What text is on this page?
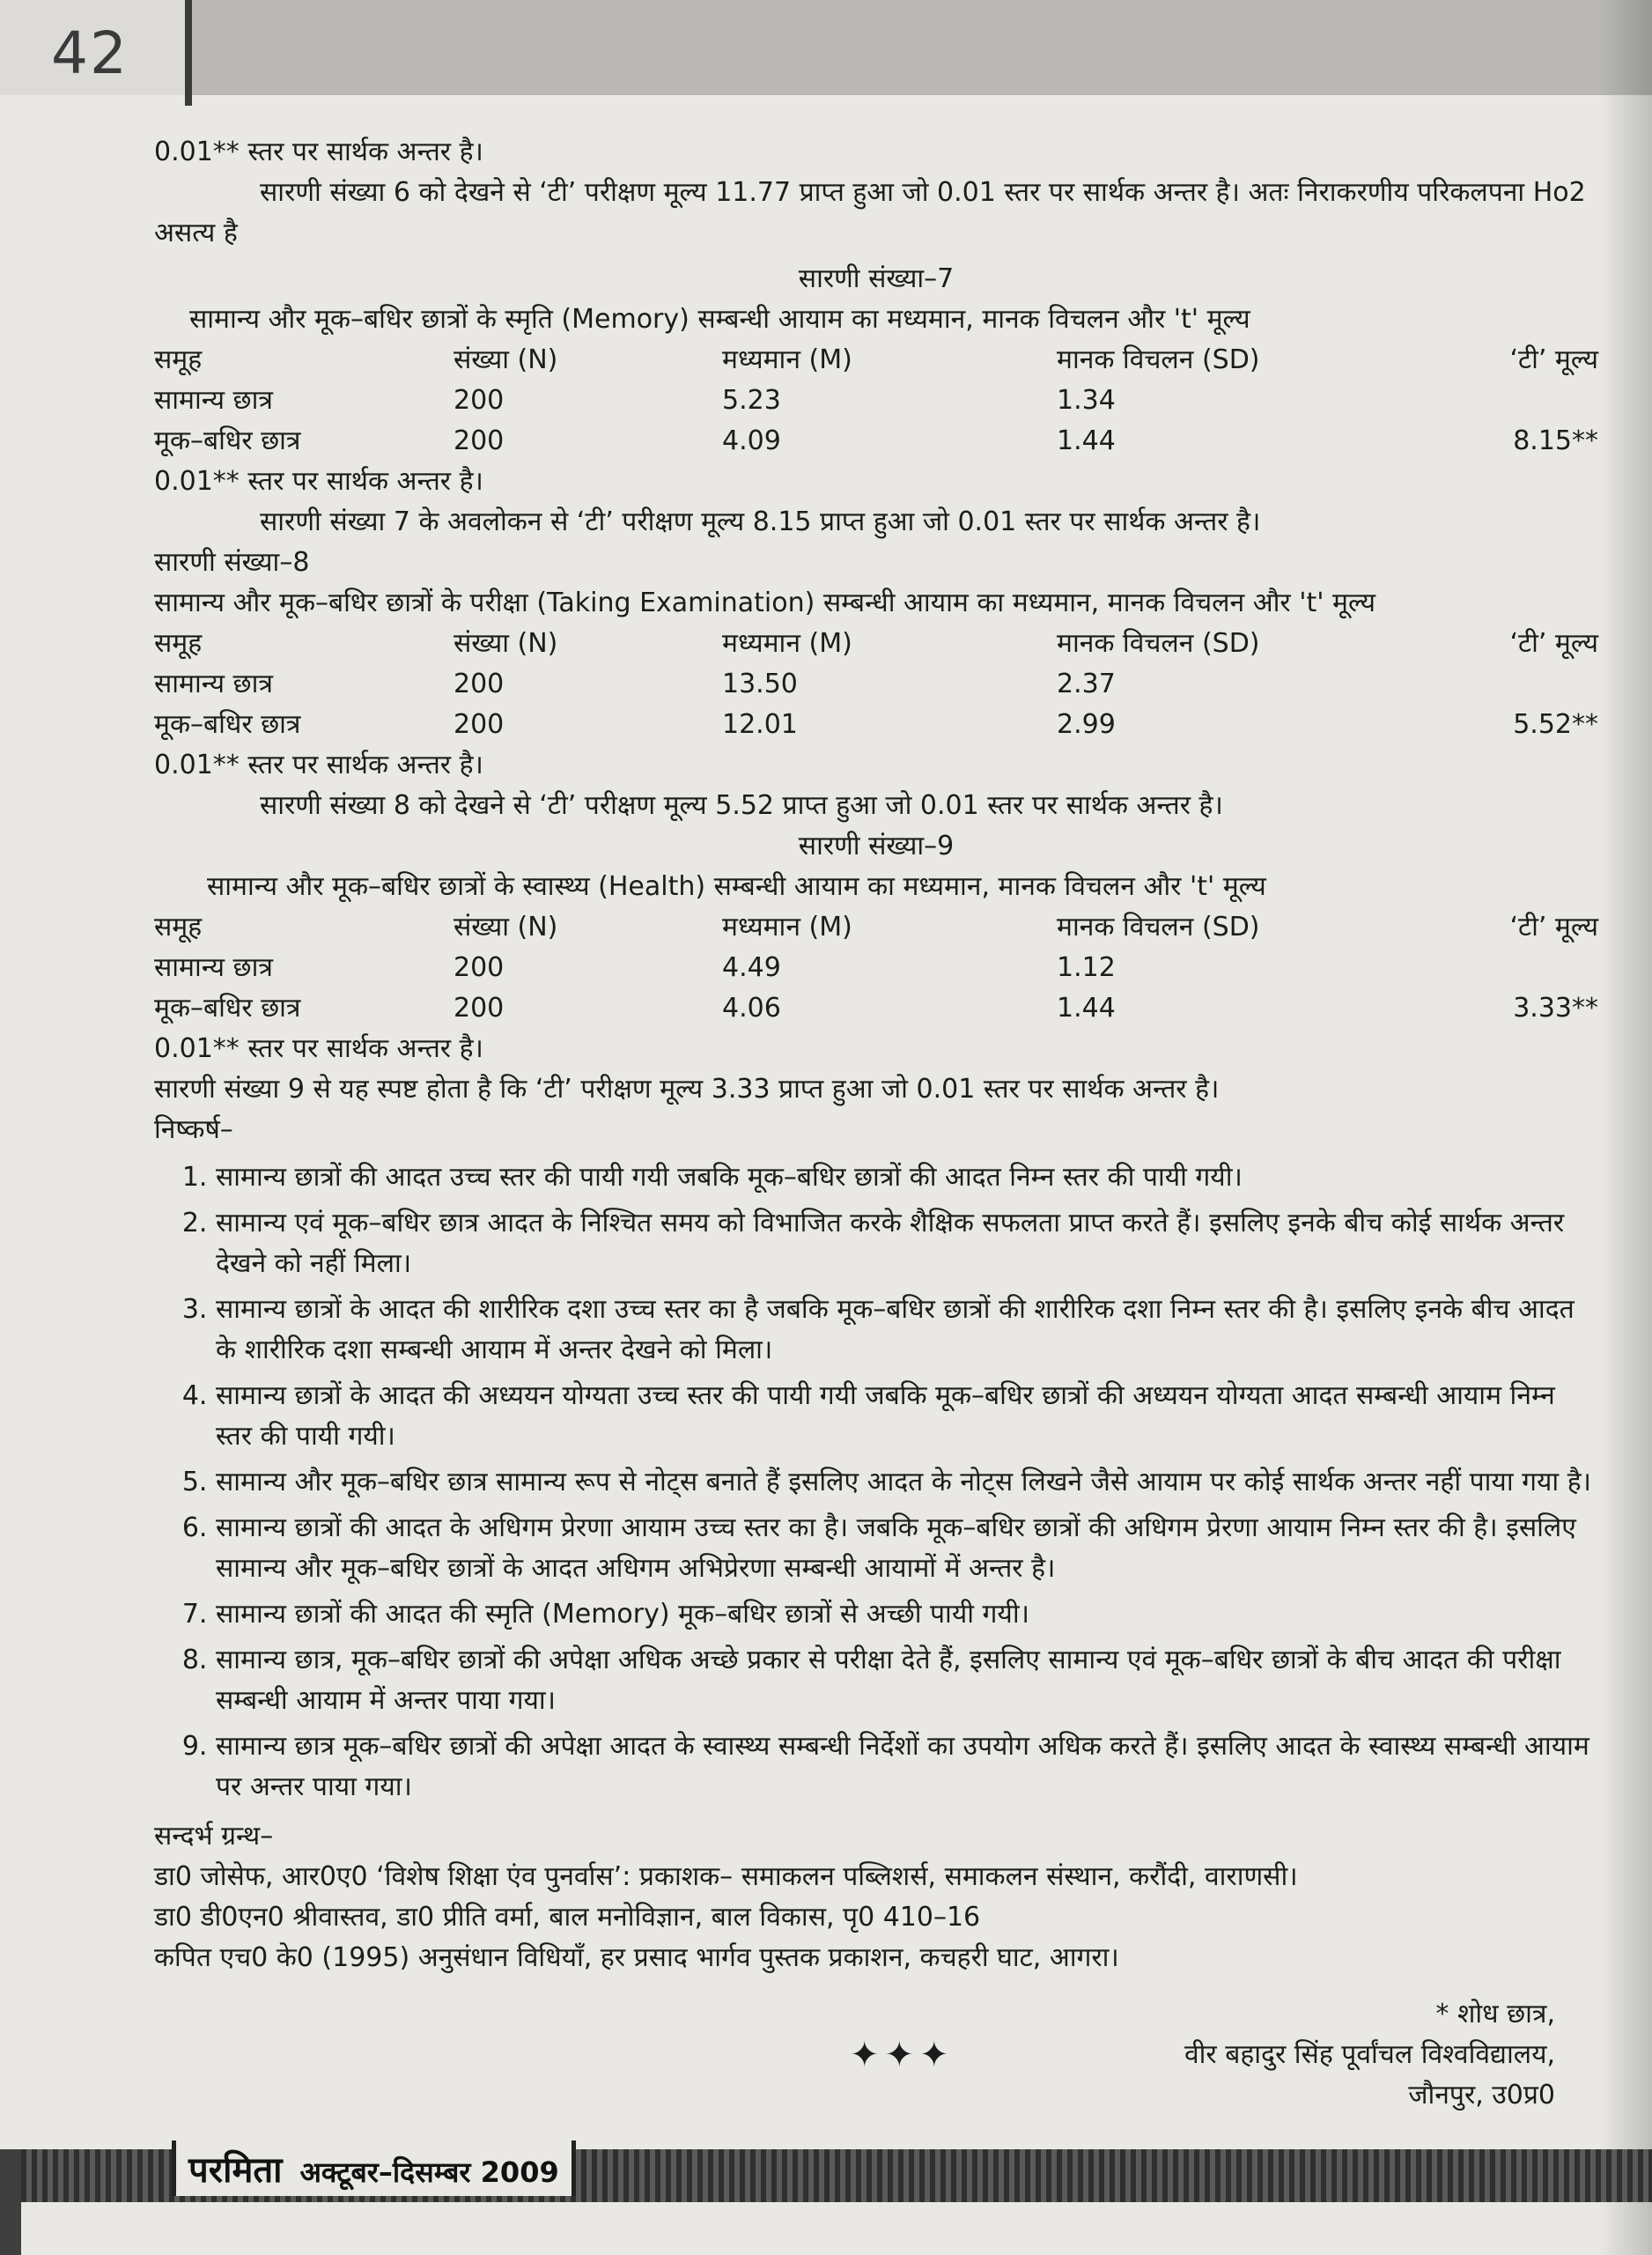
42

0.01** स्तर पर सार्थक अन्तर है।

सारणी संख्या 6 को देखने से ‘टी’ परीक्षण मूल्य 11.77 प्राप्त हुआ जो 0.01 स्तर पर सार्थक अन्तर है। अतः निराकरणीय परिकलपना Ho2 असत्य है

सारणी संख्या–7

सामान्य और मूक–बधिर छात्रों के स्मृति (Memory) सम्बन्धी आयाम का मध्यमान, मानक विचलन और 't' मूल्य

समूह	संख्या (N)	मध्यमान (M)	मानक विचलन (SD)	‘टी’ मूल्य
सामान्य छात्र	200	5.23	1.34	
मूक–बधिर छात्र	200	4.09	1.44	8.15**

0.01** स्तर पर सार्थक अन्तर है।

सारणी संख्या 7 के अवलोकन से ‘टी’ परीक्षण मूल्य 8.15 प्राप्त हुआ जो 0.01 स्तर पर सार्थक अन्तर है।

सारणी संख्या–8

सामान्य और मूक–बधिर छात्रों के परीक्षा (Taking Examination) सम्बन्धी आयाम का मध्यमान, मानक विचलन और 't' मूल्य

समूह	संख्या (N)	मध्यमान (M)	मानक विचलन (SD)	‘टी’ मूल्य
सामान्य छात्र	200	13.50	2.37	
मूक–बधिर छात्र	200	12.01	2.99	5.52**

0.01** स्तर पर सार्थक अन्तर है।

सारणी संख्या 8 को देखने से ‘टी’ परीक्षण मूल्य 5.52 प्राप्त हुआ जो 0.01 स्तर पर सार्थक अन्तर है।

सारणी संख्या–9

सामान्य और मूक–बधिर छात्रों के स्वास्थ्य (Health) सम्बन्धी आयाम का मध्यमान, मानक विचलन और 't' मूल्य

समूह	संख्या (N)	मध्यमान (M)	मानक विचलन (SD)	‘टी’ मूल्य
सामान्य छात्र	200	4.49	1.12	
मूक–बधिर छात्र	200	4.06	1.44	3.33**

0.01** स्तर पर सार्थक अन्तर है।

सारणी संख्या 9 से यह स्पष्ट होता है कि ‘टी’ परीक्षण मूल्य 3.33 प्राप्त हुआ जो 0.01 स्तर पर सार्थक अन्तर है।

निष्कर्ष–

1. सामान्य छात्रों की आदत उच्च स्तर की पायी गयी जबकि मूक–बधिर छात्रों की आदत निम्न स्तर की पायी गयी।
2. सामान्य एवं मूक–बधिर छात्र आदत के निश्चित समय को विभाजित करके शैक्षिक सफलता प्राप्त करते हैं। इसलिए इनके बीच कोई सार्थक अन्तर देखने को नहीं मिला।
3. सामान्य छात्रों के आदत की शारीरिक दशा उच्च स्तर का है जबकि मूक–बधिर छात्रों की शारीरिक दशा निम्न स्तर की है। इसलिए इनके बीच आदत के शारीरिक दशा सम्बन्धी आयाम में अन्तर देखने को मिला।
4. सामान्य छात्रों के आदत की अध्ययन योग्यता उच्च स्तर की पायी गयी जबकि मूक–बधिर छात्रों की अध्ययन योग्यता आदत सम्बन्धी आयाम निम्न स्तर की पायी गयी।
5. सामान्य और मूक–बधिर छात्र सामान्य रूप से नोट्स बनाते हैं इसलिए आदत के नोट्स लिखने जैसे आयाम पर कोई सार्थक अन्तर नहीं पाया गया है।
6. सामान्य छात्रों की आदत के अधिगम प्रेरणा आयाम उच्च स्तर का है। जबकि मूक–बधिर छात्रों की अधिगम प्रेरणा आयाम निम्न स्तर की है। इसलिए सामान्य और मूक–बधिर छात्रों के आदत अधिगम अभिप्रेरणा सम्बन्धी आयामों में अन्तर है।
7. सामान्य छात्रों की आदत की स्मृति (Memory) मूक–बधिर छात्रों से अच्छी पायी गयी।
8. सामान्य छात्र, मूक–बधिर छात्रों की अपेक्षा अधिक अच्छे प्रकार से परीक्षा देते हैं, इसलिए सामान्य एवं मूक–बधिर छात्रों के बीच आदत की परीक्षा सम्बन्धी आयाम में अन्तर पाया गया।
9. सामान्य छात्र मूक–बधिर छात्रों की अपेक्षा आदत के स्वास्थ्य सम्बन्धी निर्देशों का उपयोग अधिक करते हैं। इसलिए आदत के स्वास्थ्य सम्बन्धी आयाम पर अन्तर पाया गया।

सन्दर्भ ग्रन्थ–

डा0 जोसेफ, आर0ए0 ‘विशेष शिक्षा एंव पुनर्वास’: प्रकाशक– समाकलन पब्लिशर्स, समाकलन संस्थान, करौंदी, वाराणसी।

डा0 डी0एन0 श्रीवास्तव, डा0 प्रीति वर्मा, बाल मनोविज्ञान, बाल विकास, पृ0 410–16

कपित एच0 के0 (1995) अनुसंधान विधियाँ, हर प्रसाद भार्गव पुस्तक प्रकाशन, कचहरी घाट, आगरा।

✦✦✦
* शोध छात्र,
वीर बहादुर सिंह पूर्वांचल विश्वविद्यालय,
जौनपुर, उ0प्र0
परमिता अक्टूबर–दिसम्बर 2009
